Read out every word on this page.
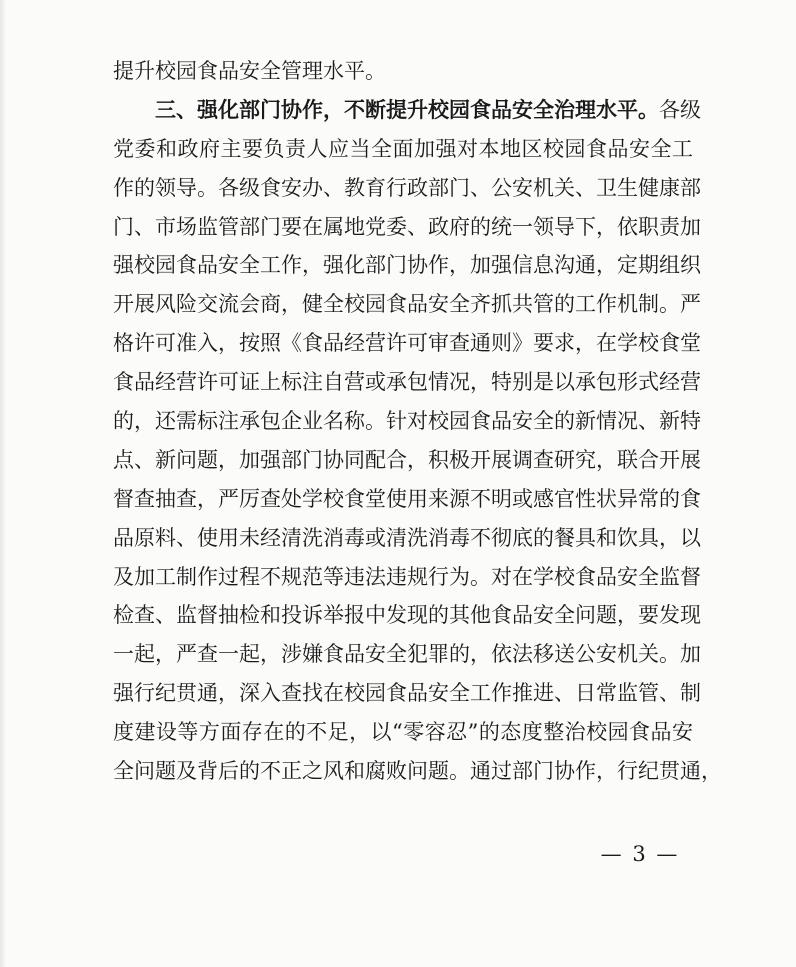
提升校园食品安全管理水平。
三、强化部门协作，不断提升校园食品安全治理水平。各级
党委和政府主要负责人应当全面加强对本地区校园食品安全工
作的领导。各级食安办、教育行政部门、公安机关、卫生健康部
门、市场监管部门要在属地党委、政府的统一领导下，依职责加
强校园食品安全工作，强化部门协作，加强信息沟通，定期组织
开展风险交流会商，健全校园食品安全齐抓共管的工作机制。严
格许可准入，按照《食品经营许可审查通则》要求，在学校食堂
食品经营许可证上标注自营或承包情况，特别是以承包形式经营
的，还需标注承包企业名称。针对校园食品安全的新情况、新特
点、新问题，加强部门协同配合，积极开展调查研究，联合开展
督查抽查，严厉查处学校食堂使用来源不明或感官性状异常的食
品原料、使用未经清洗消毒或清洗消毒不彻底的餐具和饮具，以
及加工制作过程不规范等违法违规行为。对在学校食品安全监督
检查、监督抽检和投诉举报中发现的其他食品安全问题，要发现
一起，严查一起，涉嫌食品安全犯罪的，依法移送公安机关。加
强行纪贯通，深入查找在校园食品安全工作推进、日常监管、制
度建设等方面存在的不足，以“零容忍”的态度整治校园食品安
全问题及背后的不正之风和腐败问题。通过部门协作，行纪贯通，
— 3 —
